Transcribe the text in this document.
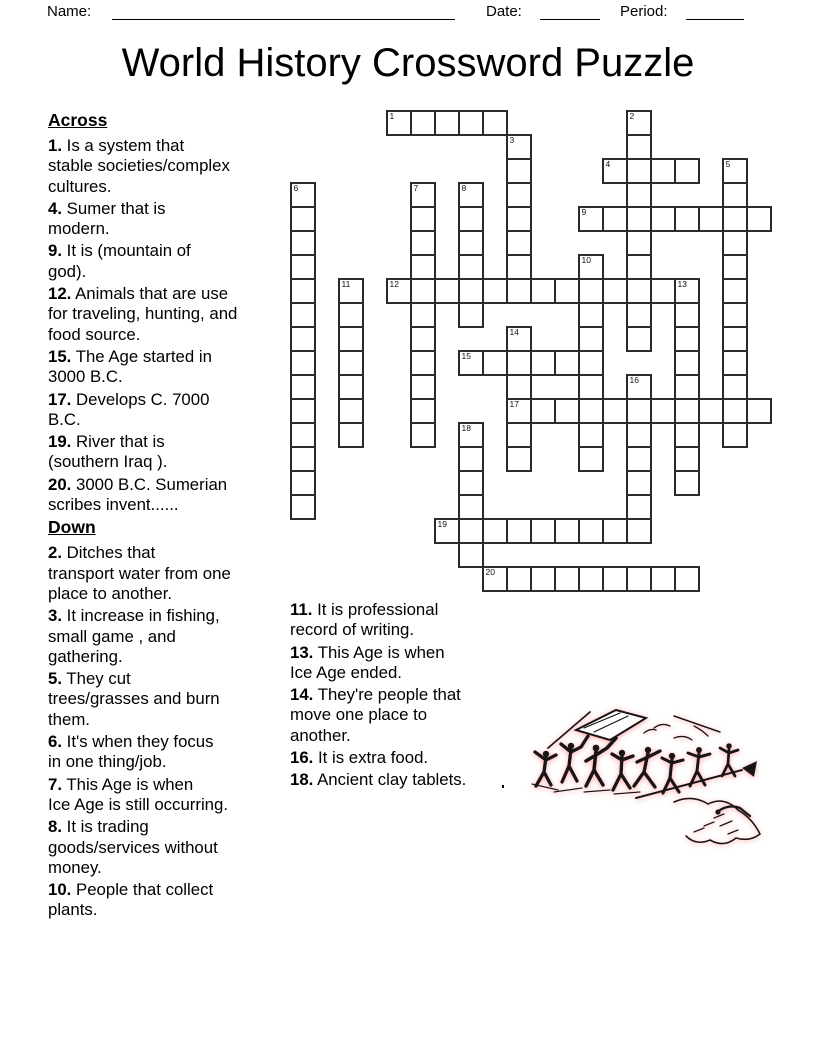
Name:	Date:	Period:
World History Crossword Puzzle
Across
1. Is a system that
stable societies/complex
cultures.
4. Sumer that is
modern.
9. It is (mountain of
god).
12. Animals that are use
for traveling, hunting, and
food source.
15. The Age started in
3000 B.C.
17. Develops C. 7000
B.C.
19. River that is
(southern Iraq ).
20. 3000 B.C. Sumerian
scribes invent......
Down
2. Ditches that
transport water from one
place to another.
3. It increase in fishing,
small game , and
gathering.
5. They cut
trees/grasses and burn
them.
6. It's when they focus
in one thing/job.
7. This Age is when
Ice Age is still occurring.
8. It is trading
goods/services without
money.
10. People that collect
plants.
11. It is professional
record of writing.
13. This Age is when
Ice Age ended.
14. They're people that
move one place to
another.
16. It is extra food.
18. Ancient clay tablets.
1	2
3
4	5
6	7	8
9
10
11	12	13
14
17
15
16
18
19
20
